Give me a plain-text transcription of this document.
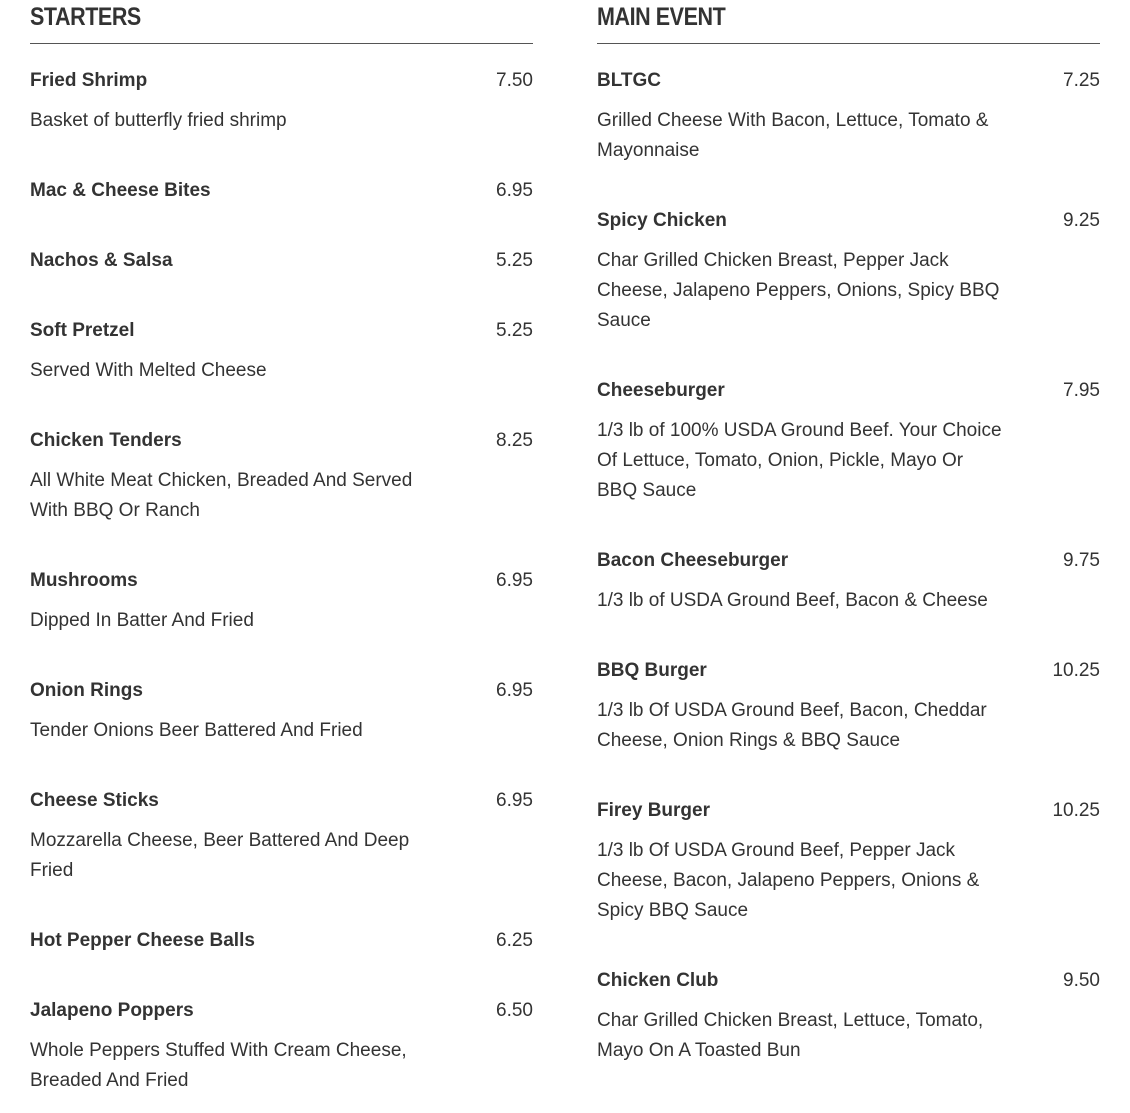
STARTERS
Fried Shrimp	7.50
Basket of butterfly fried shrimp
Mac & Cheese Bites	6.95
Nachos & Salsa	5.25
Soft Pretzel	5.25
Served With Melted Cheese
Chicken Tenders	8.25
All White Meat Chicken, Breaded And Served With BBQ Or Ranch
Mushrooms	6.95
Dipped In Batter And Fried
Onion Rings	6.95
Tender Onions Beer Battered And Fried
Cheese Sticks	6.95
Mozzarella Cheese, Beer Battered And Deep Fried
Hot Pepper Cheese Balls	6.25
Jalapeno Poppers	6.50
Whole Peppers Stuffed With Cream Cheese, Breaded And Fried
MAIN EVENT
BLTGC	7.25
Grilled Cheese With Bacon, Lettuce, Tomato & Mayonnaise
Spicy Chicken	9.25
Char Grilled Chicken Breast, Pepper Jack Cheese, Jalapeno Peppers, Onions, Spicy BBQ Sauce
Cheeseburger	7.95
1/3 lb of 100% USDA Ground Beef. Your Choice Of Lettuce, Tomato, Onion, Pickle, Mayo Or BBQ Sauce
Bacon Cheeseburger	9.75
1/3 lb of USDA Ground Beef, Bacon & Cheese
BBQ Burger	10.25
1/3 lb Of USDA Ground Beef, Bacon, Cheddar Cheese, Onion Rings & BBQ Sauce
Firey Burger	10.25
1/3 lb Of USDA Ground Beef, Pepper Jack Cheese, Bacon, Jalapeno Peppers, Onions & Spicy BBQ Sauce
Chicken Club	9.50
Char Grilled Chicken Breast, Lettuce, Tomato, Mayo On A Toasted Bun
